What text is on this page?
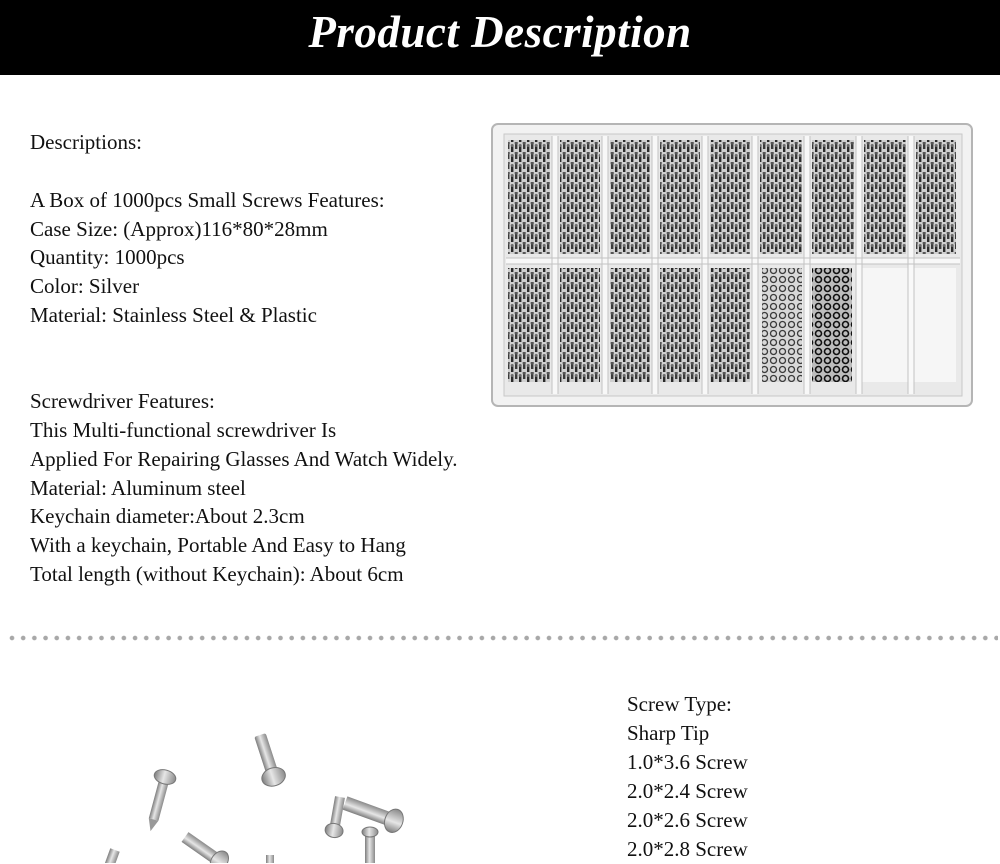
Product Description
Descriptions:
A Box of 1000pcs Small Screws Features:
Case Size: (Approx)116*80*28mm
Quantity: 1000pcs
Color: Silver
Material: Stainless Steel & Plastic
Screwdriver Features:
This Multi-functional screwdriver Is
Applied For Repairing Glasses And Watch Widely.
Material: Aluminum steel
Keychain diameter:About 2.3cm
With a keychain, Portable And Easy to Hang
Total length (without Keychain): About 6cm
Screw Type:
Sharp Tip
1.0*3.6 Screw
2.0*2.4 Screw
2.0*2.6 Screw
2.0*2.8 Screw
